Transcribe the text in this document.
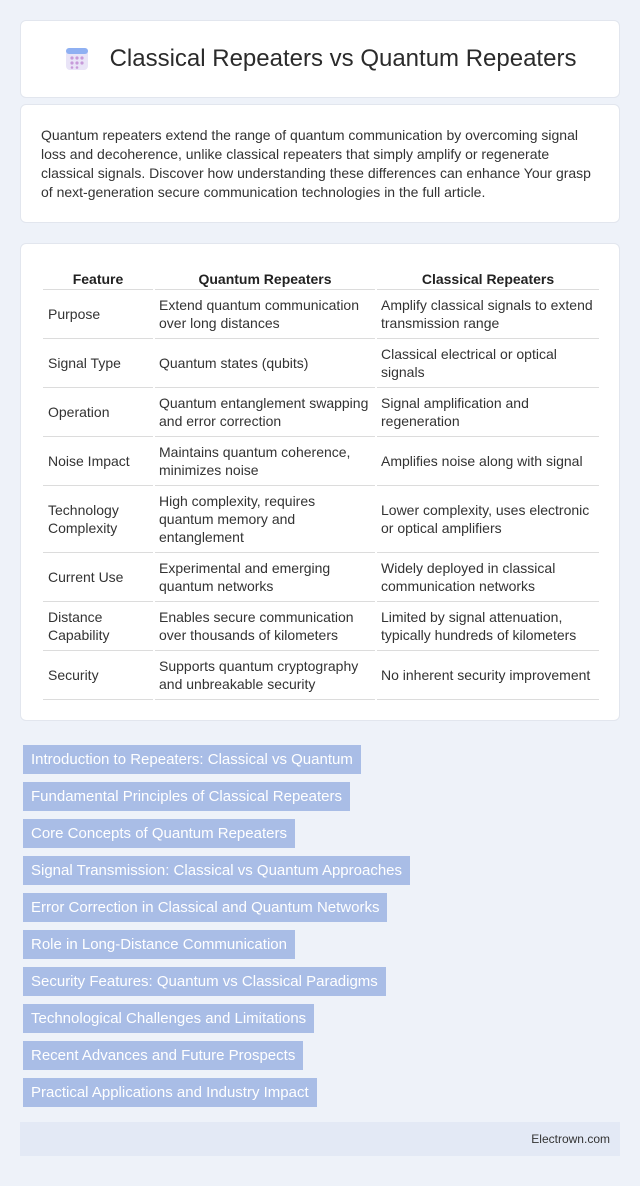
Classical Repeaters vs Quantum Repeaters

Quantum repeaters extend the range of quantum communication by overcoming signal loss and decoherence, unlike classical repeaters that simply amplify or regenerate classical signals. Discover how understanding these differences can enhance Your grasp of next-generation secure communication technologies in the full article.

Feature	Quantum Repeaters	Classical Repeaters
Purpose	Extend quantum communication over long distances	Amplify classical signals to extend transmission range
Signal Type	Quantum states (qubits)	Classical electrical or optical signals
Operation	Quantum entanglement swapping and error correction	Signal amplification and regeneration
Noise Impact	Maintains quantum coherence, minimizes noise	Amplifies noise along with signal
Technology Complexity	High complexity, requires quantum memory and entanglement	Lower complexity, uses electronic or optical amplifiers
Current Use	Experimental and emerging quantum networks	Widely deployed in classical communication networks
Distance Capability	Enables secure communication over thousands of kilometers	Limited by signal attenuation, typically hundreds of kilometers
Security	Supports quantum cryptography and unbreakable security	No inherent security improvement
Introduction to Repeaters: Classical vs Quantum
Fundamental Principles of Classical Repeaters
Core Concepts of Quantum Repeaters
Signal Transmission: Classical vs Quantum Approaches
Error Correction in Classical and Quantum Networks
Role in Long-Distance Communication
Security Features: Quantum vs Classical Paradigms
Technological Challenges and Limitations
Recent Advances and Future Prospects
Practical Applications and Industry Impact
Electrown.com
